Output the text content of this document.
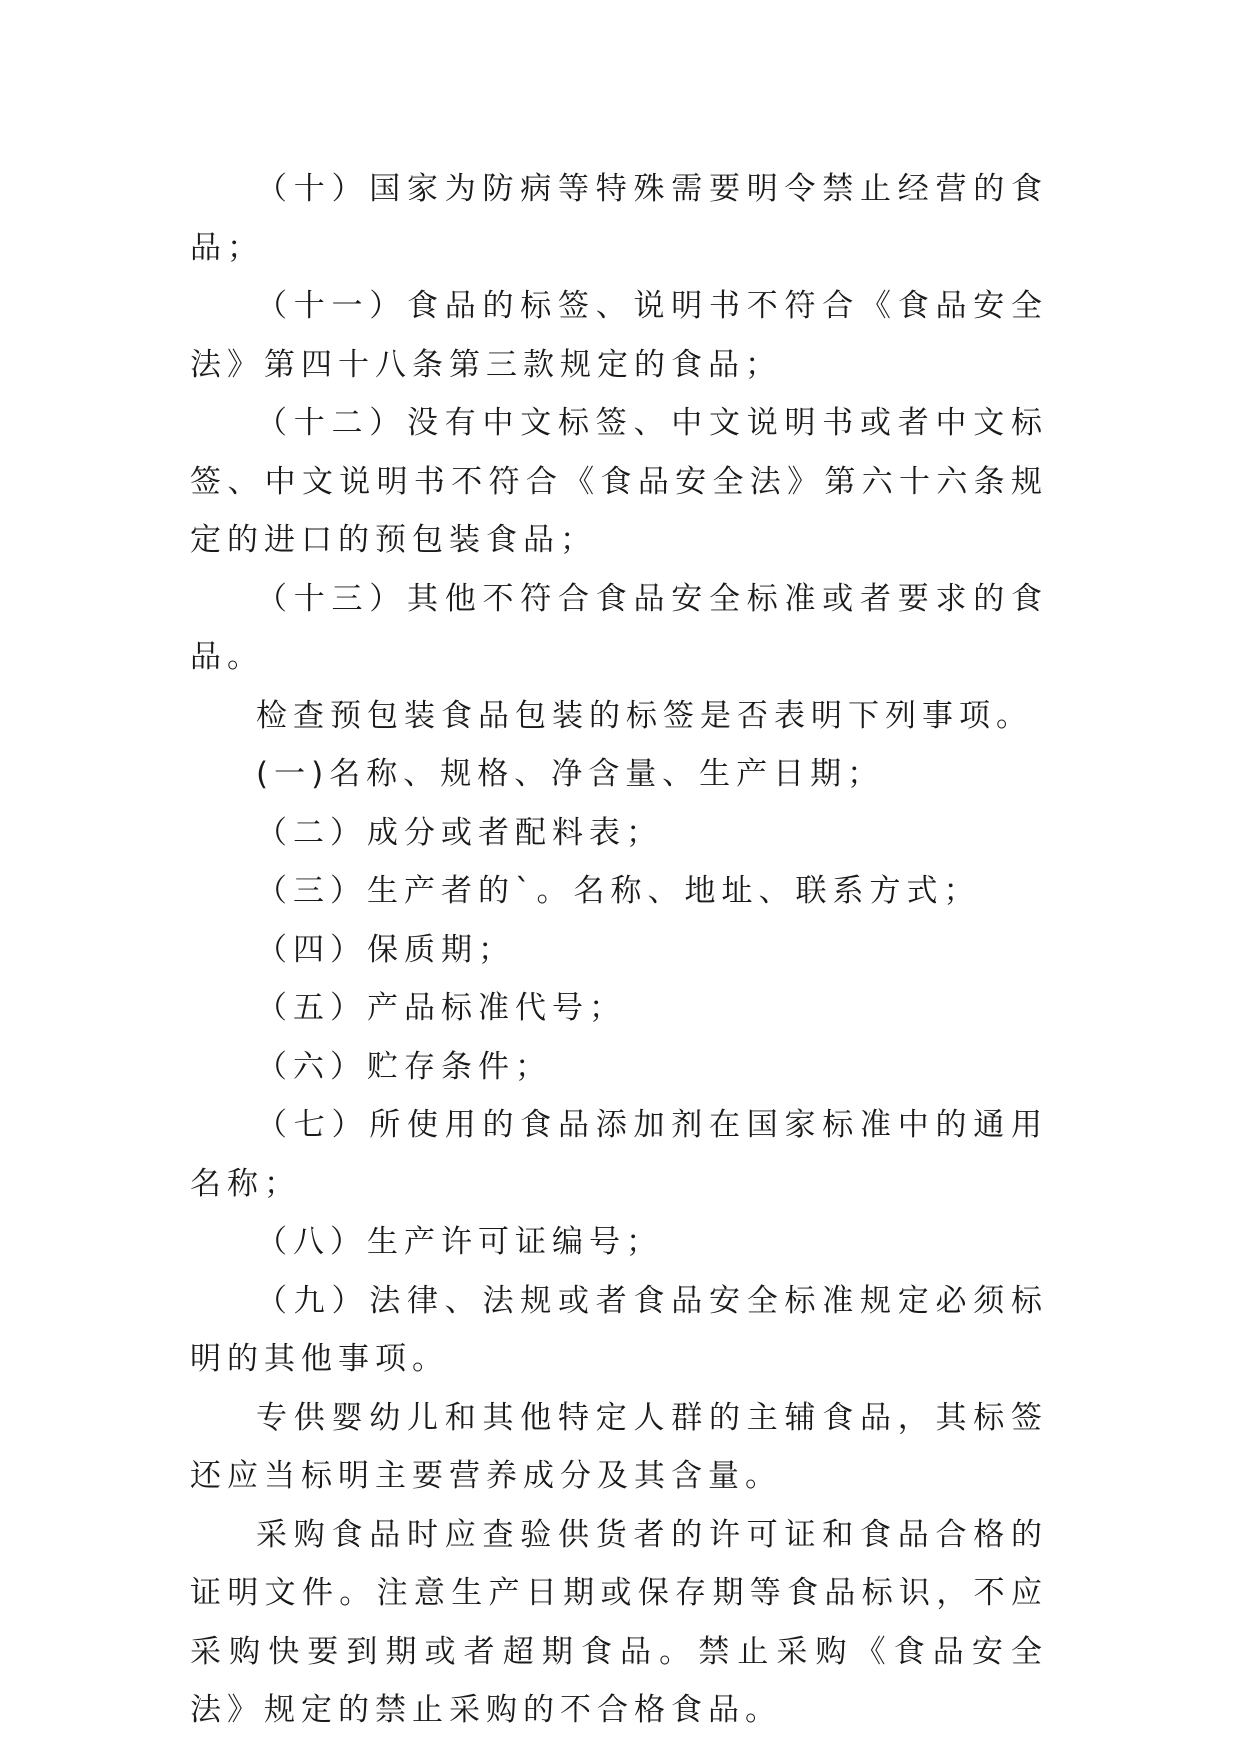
（十）国家为防病等特殊需要明令禁止经营的食品；

（十一）食品的标签、说明书不符合《食品安全法》第四十八条第三款规定的食品；

（十二）没有中文标签、中文说明书或者中文标签、中文说明书不符合《食品安全法》第六十六条规定的进口的预包装食品；

（十三）其他不符合食品安全标准或者要求的食品。

检查预包装食品包装的标签是否表明下列事项。

(一)名称、规格、净含量、生产日期；

（二）成分或者配料表；

（三）生产者的`。名称、地址、联系方式；

（四）保质期；

（五）产品标准代号；

（六）贮存条件；

（七）所使用的食品添加剂在国家标准中的通用名称；

（八）生产许可证编号；

（九）法律、法规或者食品安全标准规定必须标明的其他事项。

专供婴幼儿和其他特定人群的主辅食品，其标签还应当标明主要营养成分及其含量。

采购食品时应查验供货者的许可证和食品合格的证明文件。注意生产日期或保存期等食品标识，不应采购快要到期或者超期食品。禁止采购《食品安全法》规定的禁止采购的不合格食品。
